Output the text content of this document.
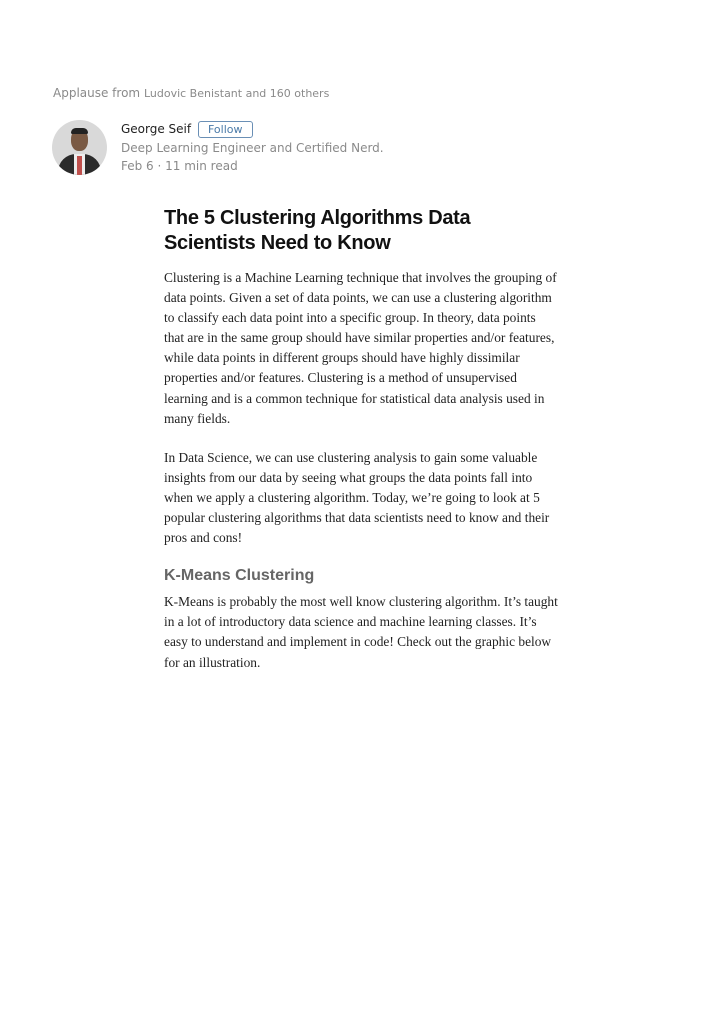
Applause from Ludovic Benistant and 160 others
George Seif	Follow
Deep Learning Engineer and Certified Nerd.
Feb 6 · 11 min read
The 5 Clustering Algorithms Data Scientists Need to Know

Clustering is a Machine Learning technique that involves the grouping of data points. Given a set of data points, we can use a clustering algorithm to classify each data point into a specific group. In theory, data points that are in the same group should have similar properties and/or features, while data points in different groups should have highly dissimilar properties and/or features. Clustering is a method of unsupervised learning and is a common technique for statistical data analysis used in many fields.

In Data Science, we can use clustering analysis to gain some valuable insights from our data by seeing what groups the data points fall into when we apply a clustering algorithm. Today, we’re going to look at 5 popular clustering algorithms that data scientists need to know and their pros and cons!

K-Means Clustering

K-Means is probably the most well know clustering algorithm. It’s taught in a lot of introductory data science and machine learning classes. It’s easy to understand and implement in code! Check out the graphic below for an illustration.
